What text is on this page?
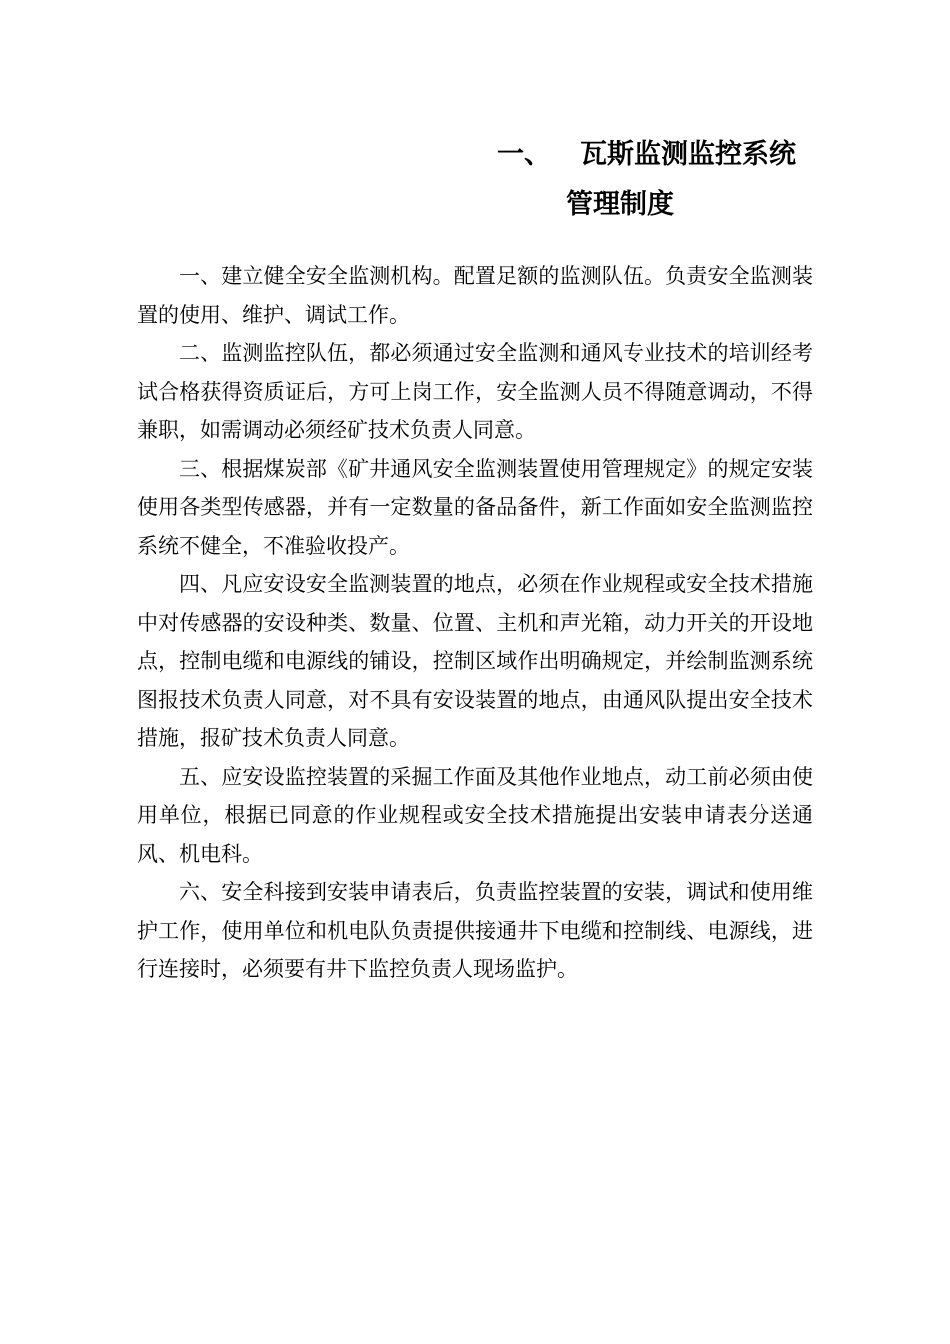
一、 瓦斯监测监控系统
管理制度

一、建立健全安全监测机构。配置足额的监测队伍。负责安全监测装置的使用、维护、调试工作。

二、监测监控队伍，都必须通过安全监测和通风专业技术的培训经考试合格获得资质证后，方可上岗工作，安全监测人员不得随意调动，不得兼职，如需调动必须经矿技术负责人同意。

三、根据煤炭部《矿井通风安全监测装置使用管理规定》的规定安装使用各类型传感器，并有一定数量的备品备件，新工作面如安全监测监控系统不健全，不准验收投产。

四、凡应安设安全监测装置的地点，必须在作业规程或安全技术措施中对传感器的安设种类、数量、位置、主机和声光箱，动力开关的开设地点，控制电缆和电源线的铺设，控制区域作出明确规定，并绘制监测系统图报技术负责人同意，对不具有安设装置的地点，由通风队提出安全技术措施，报矿技术负责人同意。

五、应安设监控装置的采掘工作面及其他作业地点，动工前必须由使用单位，根据已同意的作业规程或安全技术措施提出安装申请表分送通风、机电科。

六、安全科接到安装申请表后，负责监控装置的安装，调试和使用维护工作，使用单位和机电队负责提供接通井下电缆和控制线、电源线，进行连接时，必须要有井下监控负责人现场监护。
